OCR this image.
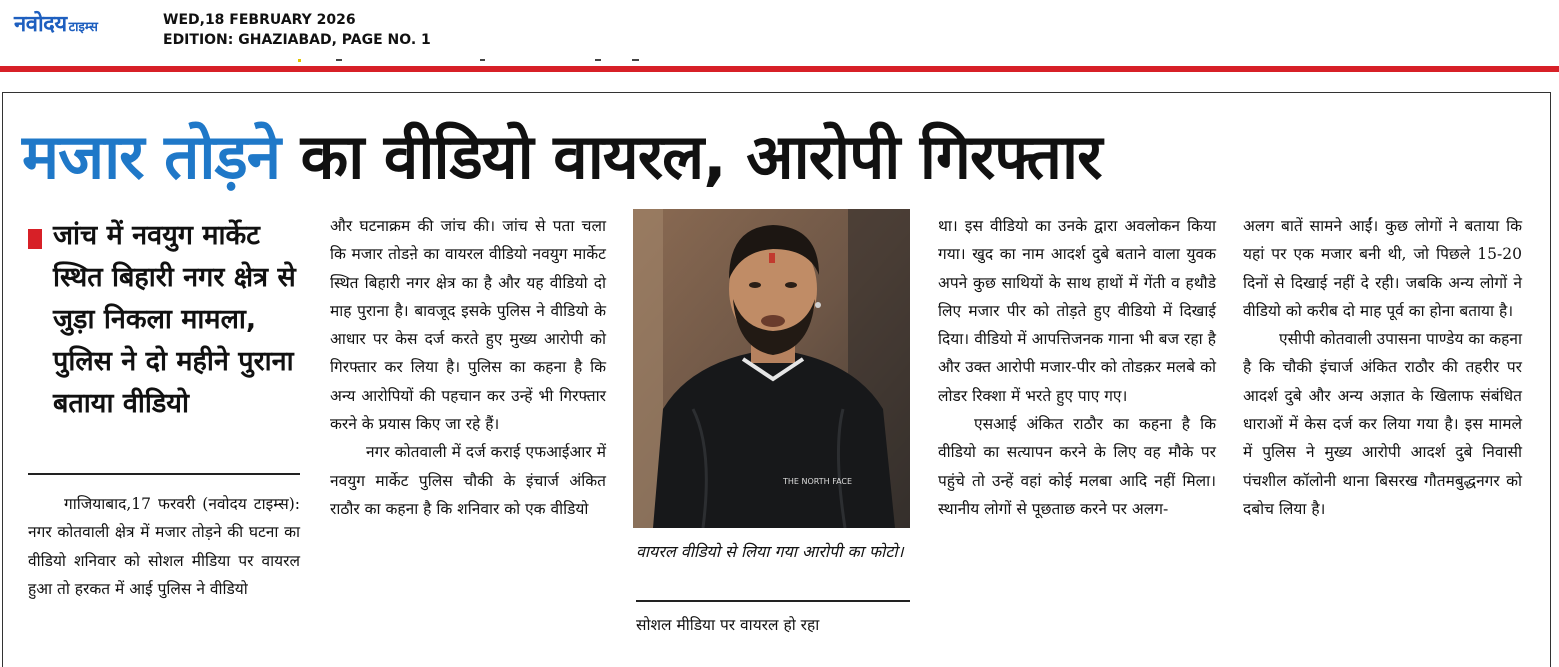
नवोदय टाइम्स	WED,18 FEBRUARY 2026
EDITION: GHAZIABAD, PAGE NO. 1
मजार तोड़ने का वीडियो वायरल, आरोपी गिरफ्तार
जांच में नवयुग मार्केट स्थित बिहारी नगर क्षेत्र से जुड़ा निकला मामला, पुलिस ने दो महीने पुराना बताया वीडियो

गाजियाबाद,17 फरवरी (नवोदय टाइम्स): नगर कोतवाली क्षेत्र में मजार तोड़ने की घटना का वीडियो शनिवार को सोशल मीडिया पर वायरल हुआ तो हरकत में आई पुलिस ने वीडियो

और घटनाक्रम की जांच की। जांच से पता चला कि मजार तोडऩे का वायरल वीडियो नवयुग मार्केट स्थित बिहारी नगर क्षेत्र का है और यह वीडियो दो माह पुराना है। बावजूद इसके पुलिस ने वीडियो के आधार पर केस दर्ज करते हुए मुख्य आरोपी को गिरफ्तार कर लिया है। पुलिस का कहना है कि अन्य आरोपियों की पहचान कर उन्हें भी गिरफ्तार करने के प्रयास किए जा रहे हैं।

नगर कोतवाली में दर्ज कराई एफआईआर में नवयुग मार्केट पुलिस चौकी के इंचार्ज अंकित राठौर का कहना है कि शनिवार को एक वीडियो

THE NORTH FACE
वायरल वीडियो से लिया गया आरोपी का फोटो।

सोशल मीडिया पर वायरल हो रहा

था। इस वीडियो का उनके द्वारा अवलोकन किया गया। खुद का नाम आदर्श दुबे बताने वाला युवक अपने कुछ साथियों के साथ हाथों में गेंती व हथौडे लिए मजार पीर को तोड़ते हुए वीडियो में दिखाई दिया। वीडियो में आपत्तिजनक गाना भी बज रहा है और उक्त आरोपी मजार-पीर को तोडक़र मलबे को लोडर रिक्शा में भरते हुए पाए गए।

एसआई अंकित राठौर का कहना है कि वीडियो का सत्यापन करने के लिए वह मौके पर पहुंचे तो उन्हें वहां कोई मलबा आदि नहीं मिला। स्थानीय लोगों से पूछताछ करने पर अलग-

अलग बातें सामने आईं। कुछ लोगों ने बताया कि यहां पर एक मजार बनी थी, जो पिछले 15-20 दिनों से दिखाई नहीं दे रही। जबकि अन्य लोगों ने वीडियो को करीब दो माह पूर्व का होना बताया है।

एसीपी कोतवाली उपासना पाण्डेय का कहना है कि चौकी इंचार्ज अंकित राठौर की तहरीर पर आदर्श दुबे और अन्य अज्ञात के खिलाफ संबंधित धाराओं में केस दर्ज कर लिया गया है। इस मामले में पुलिस ने मुख्य आरोपी आदर्श दुबे निवासी पंचशील कॉलोनी थाना बिसरख गौतमबुद्धनगर को दबोच लिया है।
